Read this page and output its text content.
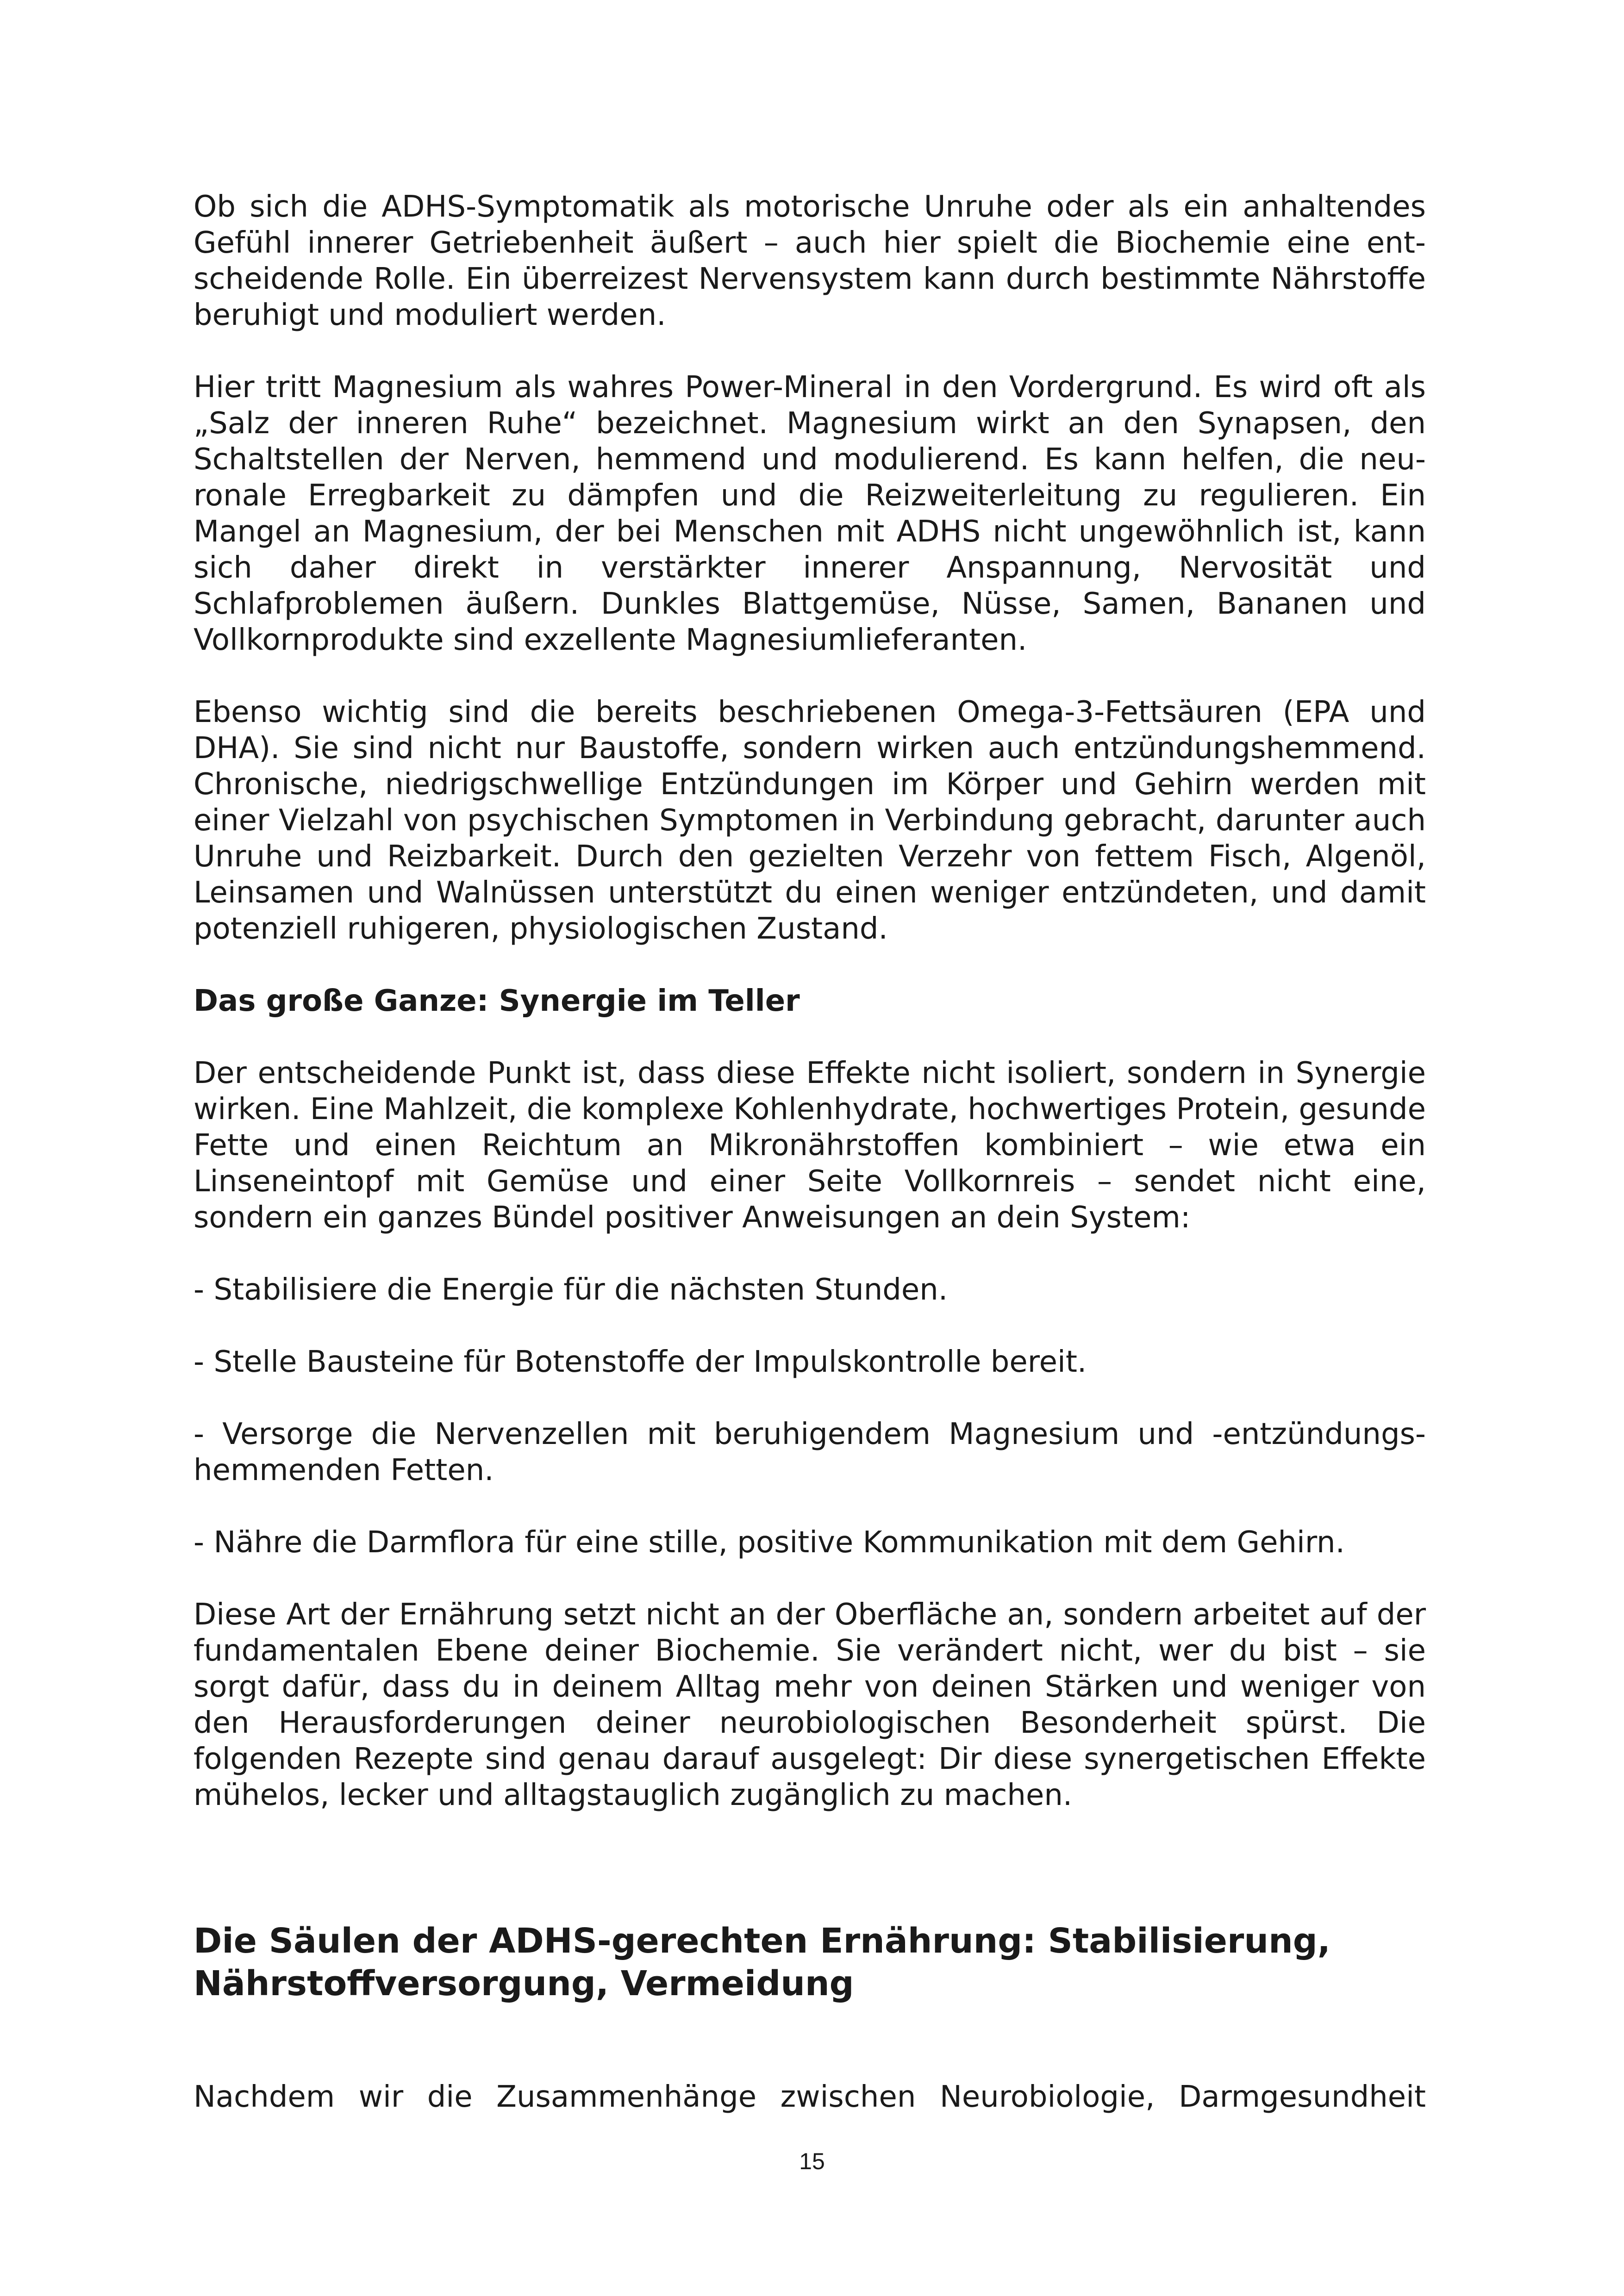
Ob sich die ADHS-Symptomatik als motorische Unruhe oder als ein anhaltendes Gefühl innerer Getriebenheit äußert – auch hier spielt die Biochemie eine entscheidende Rolle. Ein überreizest Nervensystem kann durch bestimmte Nährstoffe beruhigt und moduliert werden.

Hier tritt Magnesium als wahres Power-Mineral in den Vordergrund. Es wird oft als „Salz der inneren Ruhe“ bezeichnet. Magnesium wirkt an den Synapsen, den Schaltstellen der Nerven, hemmend und modulierend. Es kann helfen, die neuronale Erregbarkeit zu dämpfen und die Reizweiterleitung zu regulieren. Ein Mangel an Magnesium, der bei Menschen mit ADHS nicht ungewöhnlich ist, kann sich daher direkt in verstärkter innerer Anspannung, Nervosität und Schlafproblemen äußern. Dunkles Blattgemüse, Nüsse, Samen, Bananen und Vollkornprodukte sind exzellente Magnesiumlieferanten.

Ebenso wichtig sind die bereits beschriebenen Omega-3-Fettsäuren (EPA und DHA). Sie sind nicht nur Baustoffe, sondern wirken auch entzündungshemmend. Chronische, niedrigschwellige Entzündungen im Körper und Gehirn werden mit einer Vielzahl von psychischen Symptomen in Verbindung gebracht, darunter auch Unruhe und Reizbarkeit. Durch den gezielten Verzehr von fettem Fisch, Algenöl, Leinsamen und Walnüssen unterstützt du einen weniger entzündeten, und damit potenziell ruhigeren, physiologischen Zustand.

Das große Ganze: Synergie im Teller

Der entscheidende Punkt ist, dass diese Effekte nicht isoliert, sondern in Synergie wirken. Eine Mahlzeit, die komplexe Kohlenhydrate, hochwertiges Protein, gesunde Fette und einen Reichtum an Mikronährstoffen kombiniert – wie etwa ein Linseneintopf mit Gemüse und einer Seite Vollkornreis – sendet nicht eine, sondern ein ganzes Bündel positiver Anweisungen an dein System:

- Stabilisiere die Energie für die nächsten Stunden.

- Stelle Bausteine für Botenstoffe der Impulskontrolle bereit.

- Versorge die Nervenzellen mit beruhigendem Magnesium und -entzündungshemmenden Fetten.

- Nähre die Darmflora für eine stille, positive Kommunikation mit dem Gehirn.

Diese Art der Ernährung setzt nicht an der Oberfläche an, sondern arbeitet auf der fundamentalen Ebene deiner Biochemie. Sie verändert nicht, wer du bist – sie sorgt dafür, dass du in deinem Alltag mehr von deinen Stärken und weniger von den Herausforderungen deiner neurobiologischen Besonderheit spürst. Die folgenden Rezepte sind genau darauf ausgelegt: Dir diese synergetischen Effekte mühelos, lecker und alltagstauglich zugänglich zu machen.

Die Säulen der ADHS-gerechten Ernährung: Stabilisierung, Nährstoffversorgung, Vermeidung

Nachdem wir die Zusammenhänge zwischen Neurobiologie, Darmgesundheit

15
